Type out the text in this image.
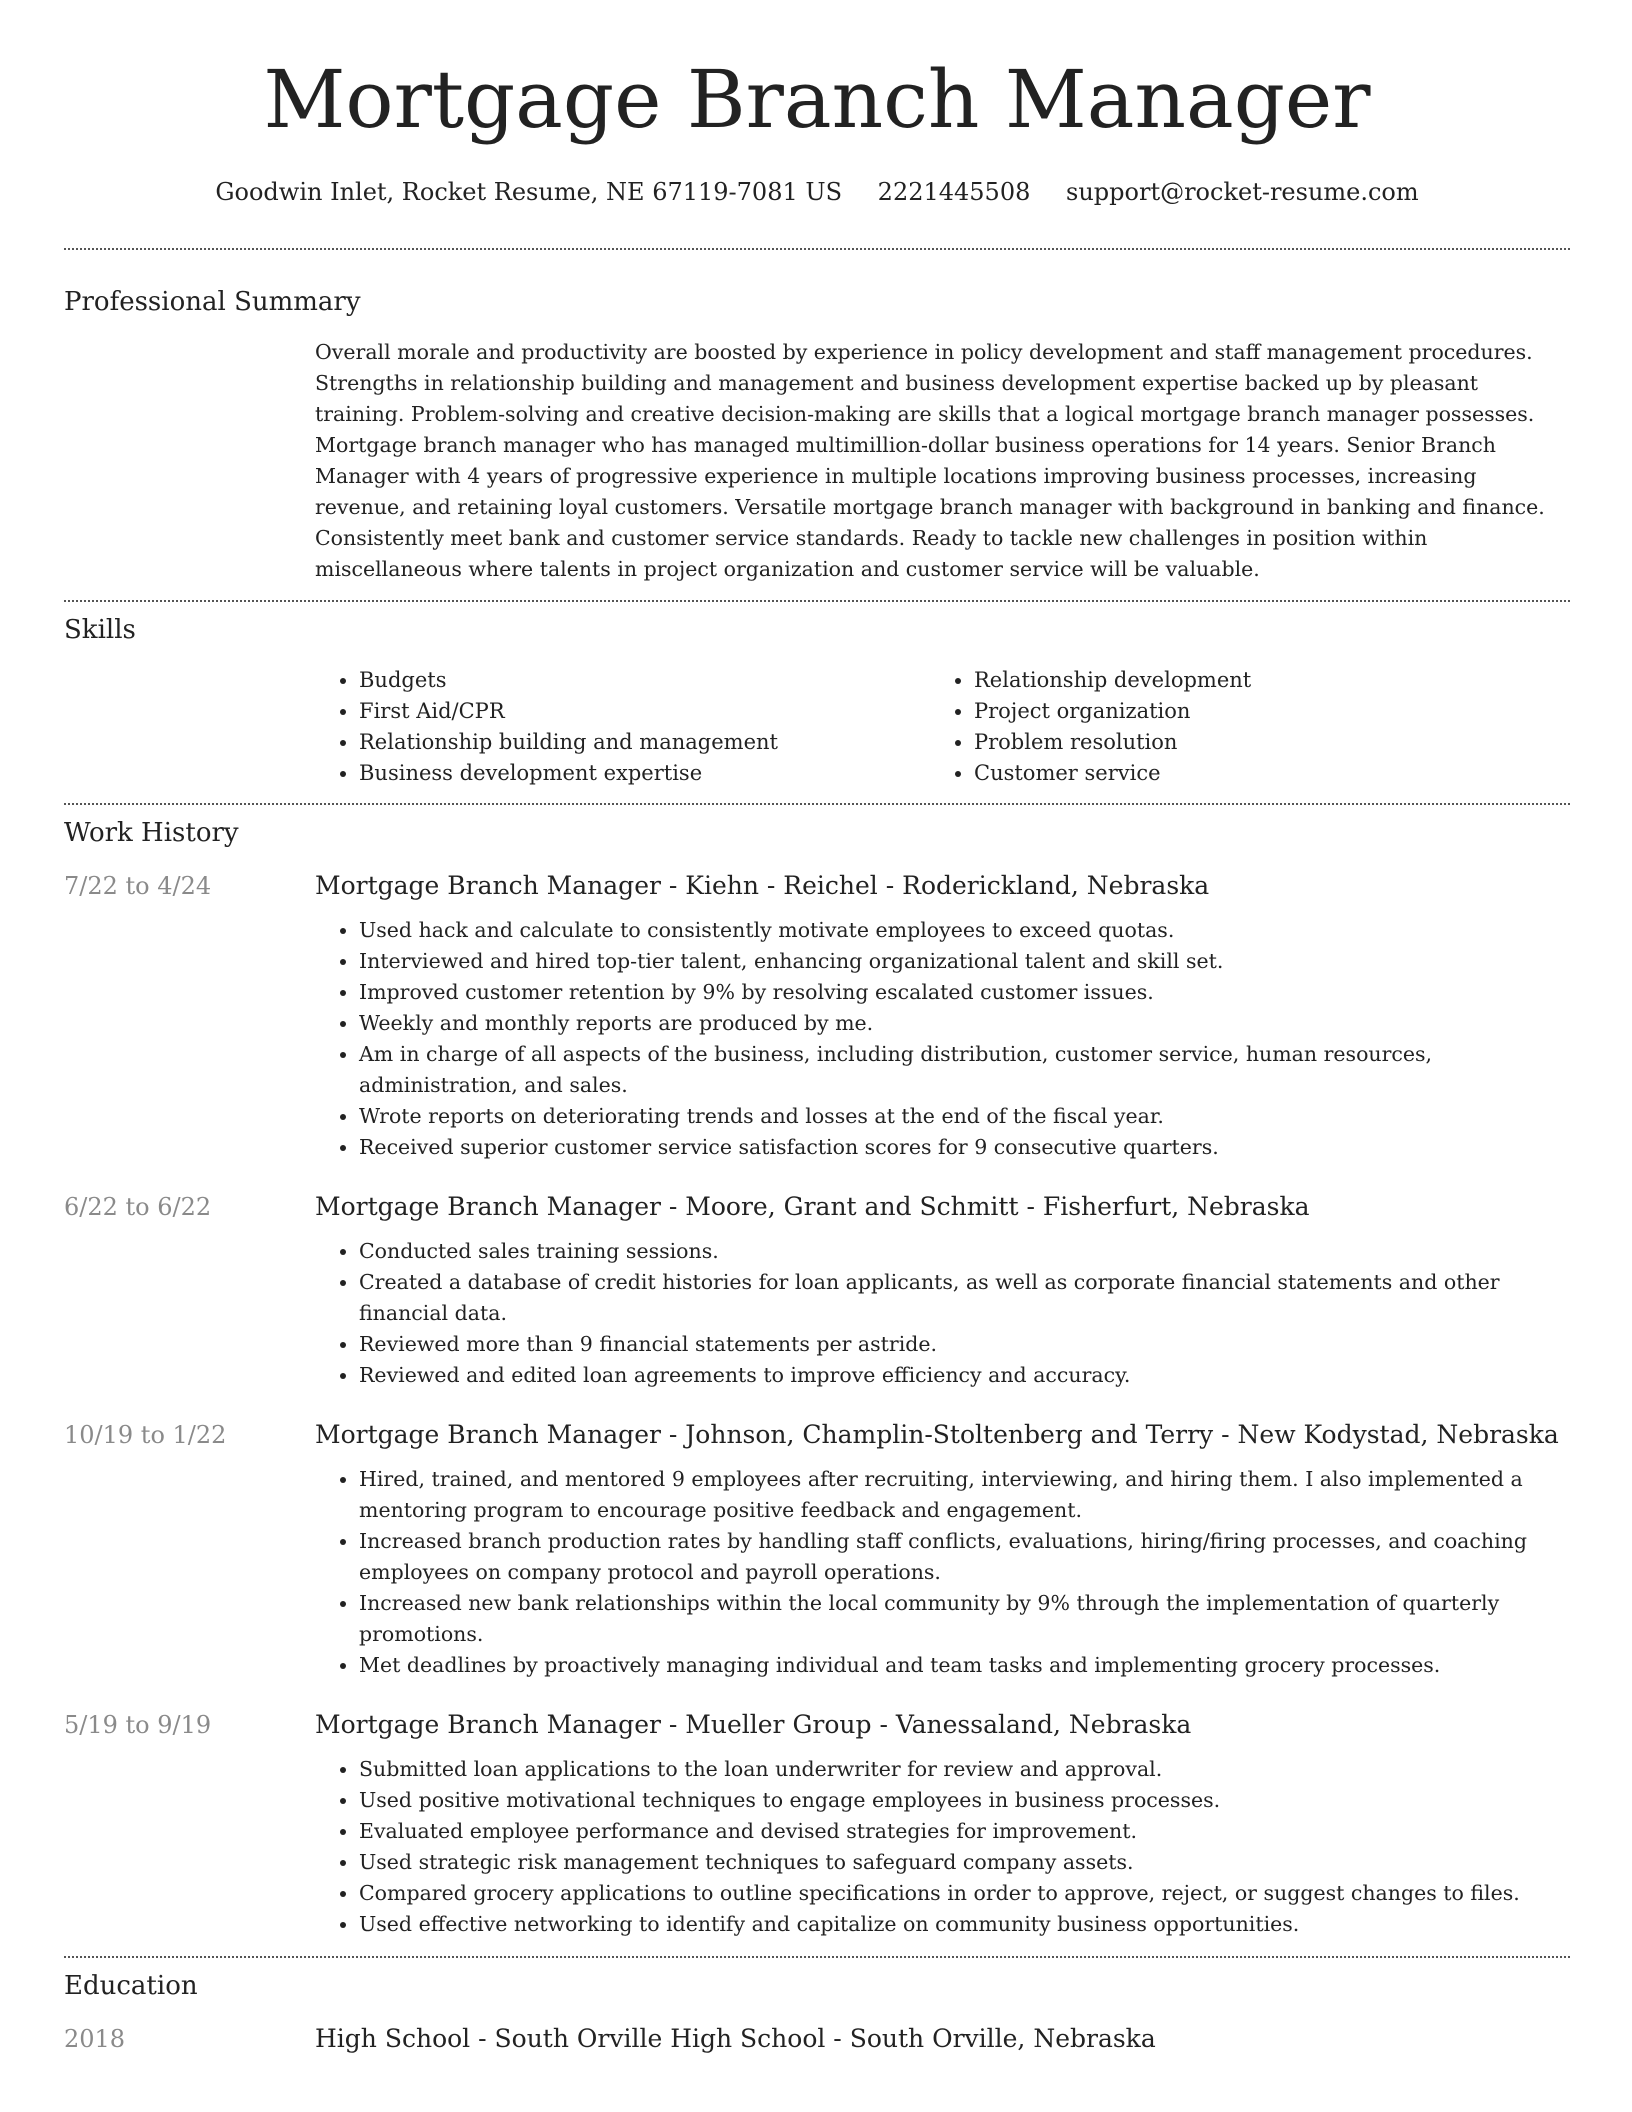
Mortgage Branch Manager
Goodwin Inlet, Rocket Resume, NE 67119-7081 US 2221445508 support@rocket-resume.com
Professional Summary
Overall morale and productivity are boosted by experience in policy development and staff management procedures. Strengths in relationship building and management and business development expertise backed up by pleasant training. Problem-solving and creative decision-making are skills that a logical mortgage branch manager possesses. Mortgage branch manager who has managed multimillion-dollar business operations for 14 years. Senior Branch Manager with 4 years of progressive experience in multiple locations improving business processes, increasing revenue, and retaining loyal customers. Versatile mortgage branch manager with background in banking and finance. Consistently meet bank and customer service standards. Ready to tackle new challenges in position within miscellaneous where talents in project organization and customer service will be valuable.
Skills
• Budgets
• First Aid/CPR
• Relationship building and management
• Business development expertise
• Relationship development
• Project organization
• Problem resolution
• Customer service
Work History
7/22 to 4/24	Mortgage Branch Manager - Kiehn - Reichel - Roderickland, Nebraska
• Used hack and calculate to consistently motivate employees to exceed quotas.
• Interviewed and hired top-tier talent, enhancing organizational talent and skill set.
• Improved customer retention by 9% by resolving escalated customer issues.
• Weekly and monthly reports are produced by me.
• Am in charge of all aspects of the business, including distribution, customer service, human resources, administration, and sales.
• Wrote reports on deteriorating trends and losses at the end of the fiscal year.
• Received superior customer service satisfaction scores for 9 consecutive quarters.
6/22 to 6/22	Mortgage Branch Manager - Moore, Grant and Schmitt - Fisherfurt, Nebraska
• Conducted sales training sessions.
• Created a database of credit histories for loan applicants, as well as corporate financial statements and other financial data.
• Reviewed more than 9 financial statements per astride.
• Reviewed and edited loan agreements to improve efficiency and accuracy.
10/19 to 1/22	Mortgage Branch Manager - Johnson, Champlin-Stoltenberg and Terry - New Kodystad, Nebraska
• Hired, trained, and mentored 9 employees after recruiting, interviewing, and hiring them. I also implemented a mentoring program to encourage positive feedback and engagement.
• Increased branch production rates by handling staff conflicts, evaluations, hiring/firing processes, and coaching employees on company protocol and payroll operations.
• Increased new bank relationships within the local community by 9% through the implementation of quarterly promotions.
• Met deadlines by proactively managing individual and team tasks and implementing grocery processes.
5/19 to 9/19	Mortgage Branch Manager - Mueller Group - Vanessaland, Nebraska
• Submitted loan applications to the loan underwriter for review and approval.
• Used positive motivational techniques to engage employees in business processes.
• Evaluated employee performance and devised strategies for improvement.
• Used strategic risk management techniques to safeguard company assets.
• Compared grocery applications to outline specifications in order to approve, reject, or suggest changes to files.
• Used effective networking to identify and capitalize on community business opportunities.
Education
2018	High School - South Orville High School - South Orville, Nebraska
